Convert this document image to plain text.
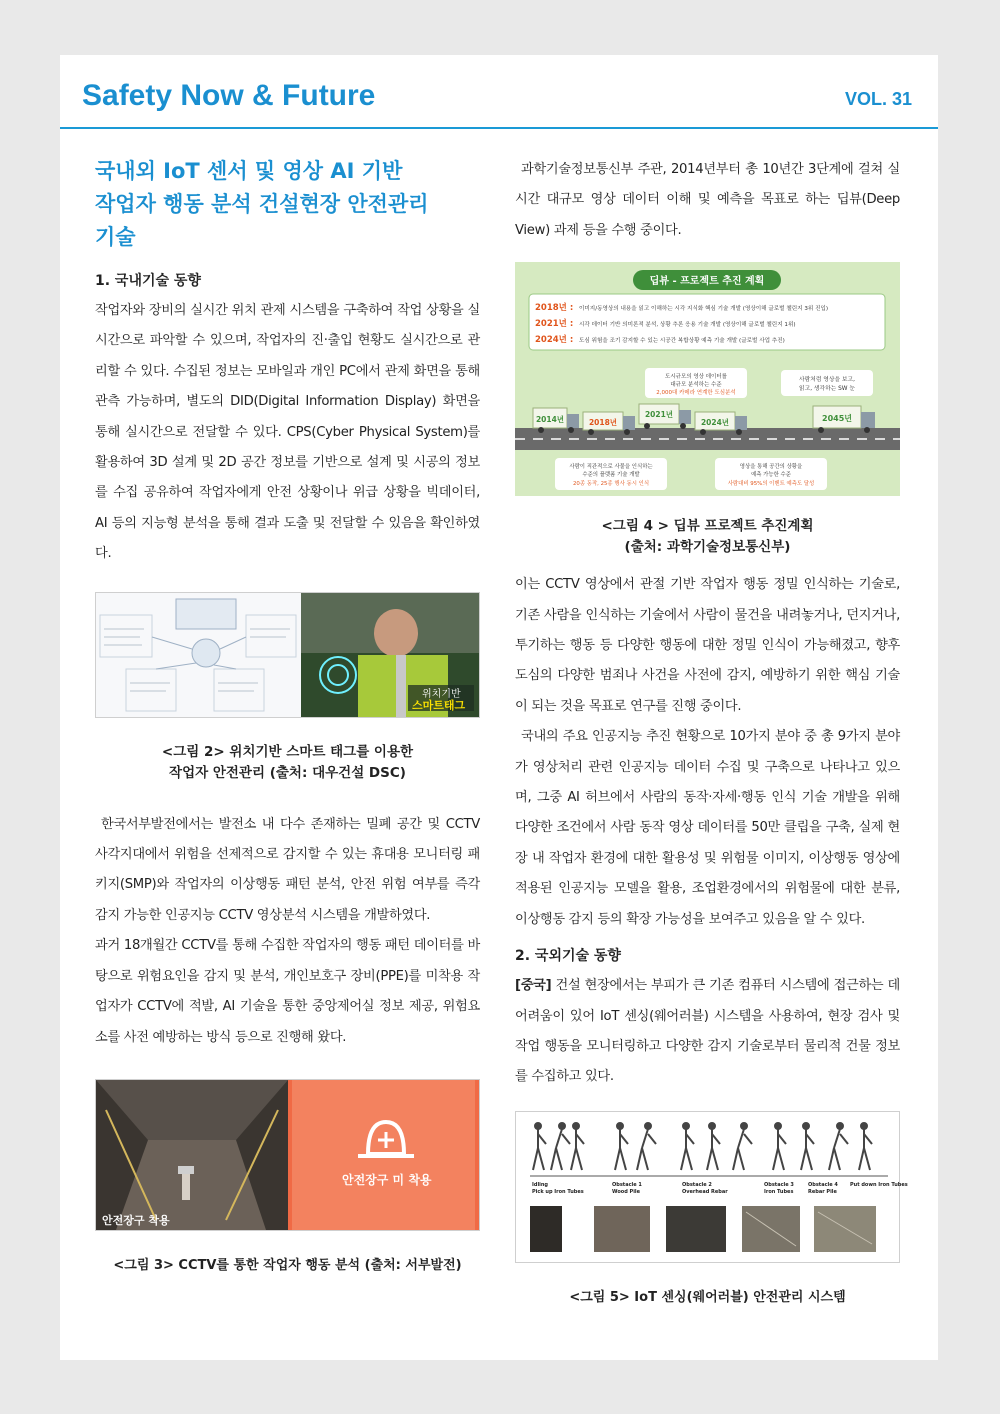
Safety Now & Future	VOL. 31
국내외 IoT 센서 및 영상 AI 기반
작업자 행동 분석 건설현장 안전관리
기술
1. 국내기술 동향

작업자와 장비의 실시간 위치 관제 시스템을 구축하여 작업 상황을 실시간으로 파악할 수 있으며, 작업자의 진·출입 현황도 실시간으로 관리할 수 있다. 수집된 정보는 모바일과 개인 PC에서 관제 화면을 통해 관측 가능하며, 별도의 DID(Digital Information Display) 화면을 통해 실시간으로 전달할 수 있다. CPS(Cyber Physical System)를 활용하여 3D 설계 및 2D 공간 정보를 기반으로 설계 및 시공의 정보를 수집 공유하여 작업자에게 안전 상황이나 위급 상황을 빅데이터, AI 등의 지능형 분석을 통해 결과 도출 및 전달할 수 있음을 확인하였다.

위치기반
스마트태그
<그림 2> 위치기반 스마트 태그를 이용한
작업자 안전관리 (출처: 대우건설 DSC)

한국서부발전에서는 발전소 내 다수 존재하는 밀폐 공간 및 CCTV 사각지대에서 위험을 선제적으로 감지할 수 있는 휴대용 모니터링 패키지(SMP)와 작업자의 이상행동 패턴 분석, 안전 위험 여부를 즉각 감지 가능한 인공지능 CCTV 영상분석 시스템을 개발하였다.

과거 18개월간 CCTV를 통해 수집한 작업자의 행동 패턴 데이터를 바탕으로 위험요인을 감지 및 분석, 개인보호구 장비(PPE)를 미착용 작업자가 CCTV에 적발, AI 기술을 통한 중앙제어실 정보 제공, 위험요소를 사전 예방하는 방식 등으로 진행해 왔다.

안전장구 착용
안전장구 미 착용
<그림 3> CCTV를 통한 작업자 행동 분석 (출처: 서부발전)

과학기술정보통신부 주관, 2014년부터 총 10년간 3단계에 걸쳐 실시간 대규모 영상 데이터 이해 및 예측을 목표로 하는 딥뷰(Deep View) 과제 등을 수행 중이다.

딥뷰 - 프로젝트 추진 계획
2018년 : 이미지/동영상의 내용을 읽고 이해하는 시각 지식화 핵심 기술 개발 (영상이해 글로벌 챌린지 3위 진입)
2021년 : 시각 데이터 기반 의미론적 분석, 상황 추론 응용 기술 개발 (영상이해 글로벌 챌린지 1위)
2024년 : 도심 위험을 조기 감지할 수 있는 시공간 복합상황 예측 기술 개발 (글로벌 사업 추진)
도시규모의 영상 데이터를
대규모 분석하는 수준
2,000대 카메라 연계한 도심분석
사람처럼 영상을 보고,
읽고, 생각하는 SW 눈
2014년	2018년
2021년
2024년	2045년
사람이 직관적으로 사물을 인식하는
수준의 플랫폼 기술 개발
20종 동작, 25종 행사 동시 인식
영상을 통해 공간의 상황을
예측 가능한 수준
사람대비 95%의 이벤트 예측도 달성
<그림 4 > 딥뷰 프로젝트 추진계획
(출처: 과학기술정보통신부)

이는 CCTV 영상에서 관절 기반 작업자 행동 정밀 인식하는 기술로, 기존 사람을 인식하는 기술에서 사람이 물건을 내려놓거나, 던지거나, 투기하는 행동 등 다양한 행동에 대한 정밀 인식이 가능해졌고, 향후 도심의 다양한 범죄나 사건을 사전에 감지, 예방하기 위한 핵심 기술이 되는 것을 목표로 연구를 진행 중이다.

국내의 주요 인공지능 추진 현황으로 10가지 분야 중 총 9가지 분야가 영상처리 관련 인공지능 데이터 수집 및 구축으로 나타나고 있으며, 그중 AI 허브에서 사람의 동작·자세·행동 인식 기술 개발을 위해 다양한 조건에서 사람 동작 영상 데이터를 50만 클립을 구축, 실제 현장 내 작업자 환경에 대한 활용성 및 위험물 이미지, 이상행동 영상에 적용된 인공지능 모델을 활용, 조업환경에서의 위험물에 대한 분류, 이상행동 감지 등의 확장 가능성을 보여주고 있음을 알 수 있다.

2. 국외기술 동향

[중국] 건설 현장에서는 부피가 큰 기존 컴퓨터 시스템에 접근하는 데 어려움이 있어 IoT 센싱(웨어러블) 시스템을 사용하여, 현장 검사 및 작업 행동을 모니터링하고 다양한 감지 기술로부터 물리적 건물 정보를 수집하고 있다.

Idling
Pick up Iron Tubes
Obstacle 1
Wood Pile
Obstacle 2
Overhead Rebar
Obstacle 3
Iron Tubes
Obstacle 4
Rebar Pile
Put down Iron Tubes
<그림 5> IoT 센싱(웨어러블) 안전관리 시스템
